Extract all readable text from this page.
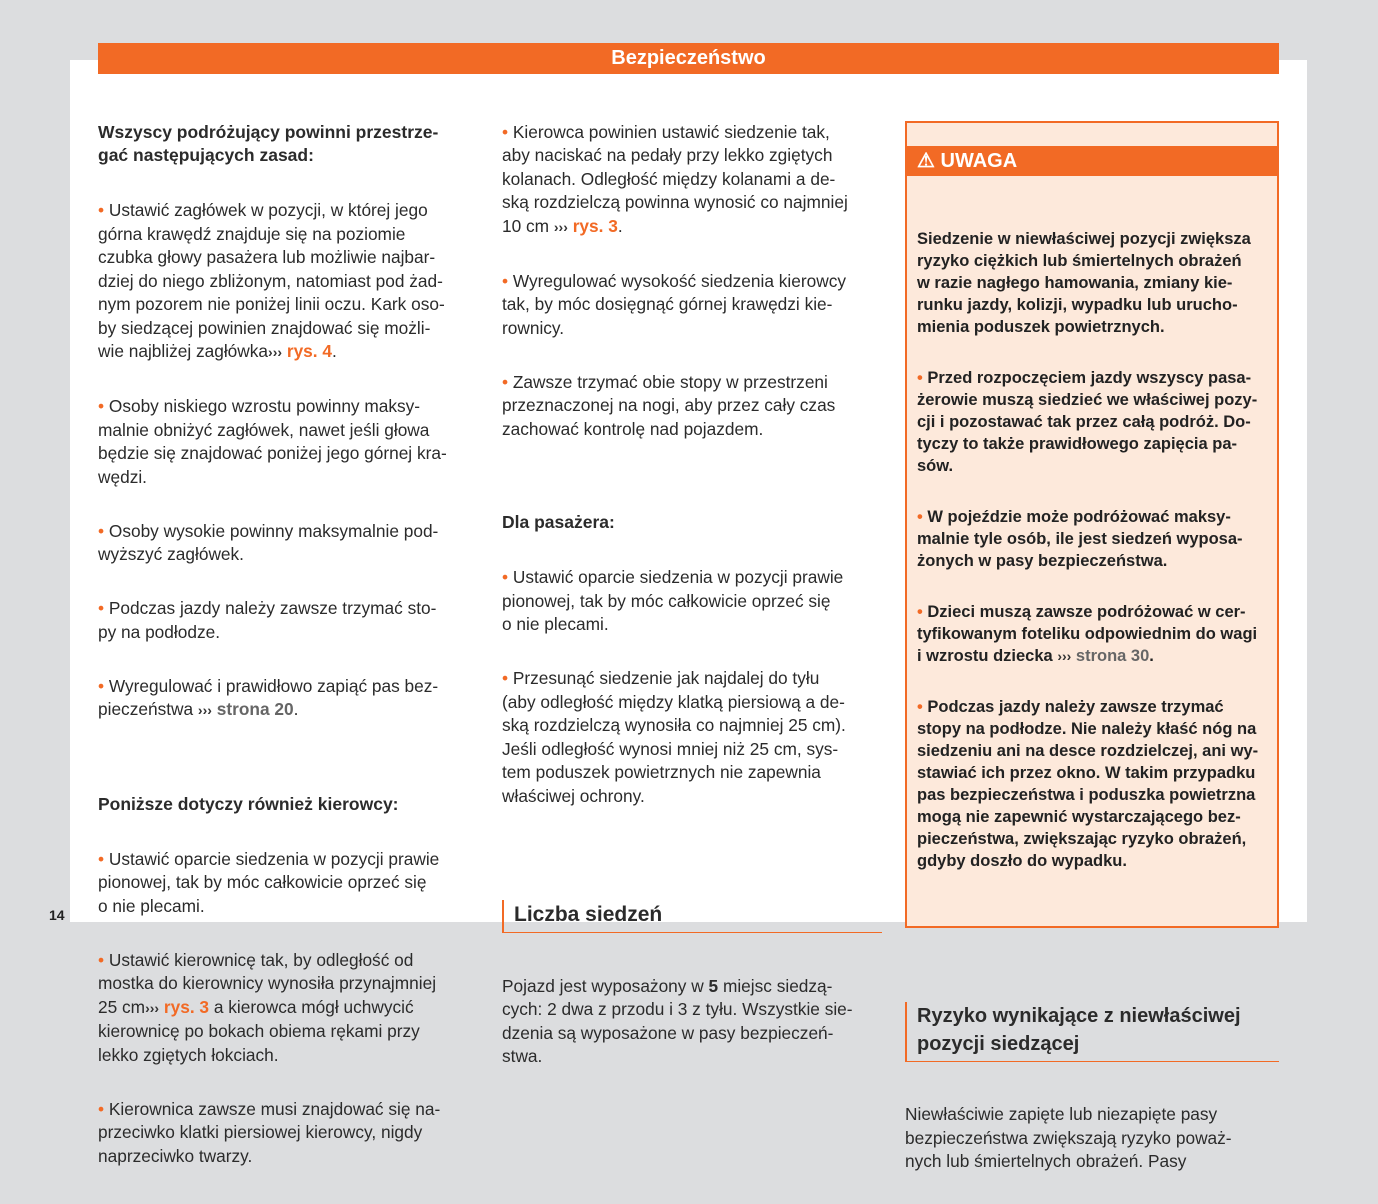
Bezpieczeństwo
14

Wszyscy podróżujący powinni przestrze-
gać następujących zasad:

• Ustawić zagłówek w pozycji, w której jego
górna krawędź znajduje się na poziomie
czubka głowy pasażera lub możliwie najbar-
dziej do niego zbliżonym, natomiast pod żad-
nym pozorem nie poniżej linii oczu. Kark oso-
by siedzącej powinien znajdować się możli-
wie najbliżej zagłówka››› rys. 4.

• Osoby niskiego wzrostu powinny maksy-
malnie obniżyć zagłówek, nawet jeśli głowa
będzie się znajdować poniżej jego górnej kra-
wędzi.

• Osoby wysokie powinny maksymalnie pod-
wyższyć zagłówek.

• Podczas jazdy należy zawsze trzymać sto-
py na podłodze.

• Wyregulować i prawidłowo zapiąć pas bez-
pieczeństwa ››› strona 20.

Poniższe dotyczy również kierowcy:

• Ustawić oparcie siedzenia w pozycji prawie
pionowej, tak by móc całkowicie oprzeć się
o nie plecami.

• Ustawić kierownicę tak, by odległość od
mostka do kierownicy wynosiła przynajmniej
25 cm››› rys. 3 a kierowca mógł uchwycić
kierownicę po bokach obiema rękami przy
lekko zgiętych łokciach.

• Kierownica zawsze musi znajdować się na-
przeciwko klatki piersiowej kierowcy, nigdy
naprzeciwko twarzy.

• Kierowca powinien ustawić siedzenie tak,
aby naciskać na pedały przy lekko zgiętych
kolanach. Odległość między kolanami a de-
ską rozdzielczą powinna wynosić co najmniej
10 cm ››› rys. 3.

• Wyregulować wysokość siedzenia kierowcy
tak, by móc dosięgnąć górnej krawędzi kie-
rownicy.

• Zawsze trzymać obie stopy w przestrzeni
przeznaczonej na nogi, aby przez cały czas
zachować kontrolę nad pojazdem.

Dla pasażera:

• Ustawić oparcie siedzenia w pozycji prawie
pionowej, tak by móc całkowicie oprzeć się
o nie plecami.

• Przesunąć siedzenie jak najdalej do tyłu
(aby odległość między klatką piersiową a de-
ską rozdzielczą wynosiła co najmniej 25 cm).
Jeśli odległość wynosi mniej niż 25 cm, sys-
tem poduszek powietrznych nie zapewnia
właściwej ochrony.

Liczba siedzeń

Pojazd jest wyposażony w 5 miejsc siedzą-
cych: 2 dwa z przodu i 3 z tyłu. Wszystkie sie-
dzenia są wyposażone w pasy bezpieczeń-
stwa.

⚠ UWAGA

Siedzenie w niewłaściwej pozycji zwiększa
ryzyko ciężkich lub śmiertelnych obrażeń
w razie nagłego hamowania, zmiany kie-
runku jazdy, kolizji, wypadku lub urucho-
mienia poduszek powietrznych.

• Przed rozpoczęciem jazdy wszyscy pasa-
żerowie muszą siedzieć we właściwej pozy-
cji i pozostawać tak przez całą podróż. Do-
tyczy to także prawidłowego zapięcia pa-
sów.

• W pojeździe może podróżować maksy-
malnie tyle osób, ile jest siedzeń wyposa-
żonych w pasy bezpieczeństwa.

• Dzieci muszą zawsze podróżować w cer-
tyfikowanym foteliku odpowiednim do wagi
i wzrostu dziecka ››› strona 30.

• Podczas jazdy należy zawsze trzymać
stopy na podłodze. Nie należy kłaść nóg na
siedzeniu ani na desce rozdzielczej, ani wy-
stawiać ich przez okno. W takim przypadku
pas bezpieczeństwa i poduszka powietrzna
mogą nie zapewnić wystarczającego bez-
pieczeństwa, zwiększając ryzyko obrażeń,
gdyby doszło do wypadku.

Ryzyko wynikające z niewłaściwej
pozycji siedzącej

Niewłaściwie zapięte lub niezapięte pasy
bezpieczeństwa zwiększają ryzyko poważ-
nych lub śmiertelnych obrażeń. Pasy
